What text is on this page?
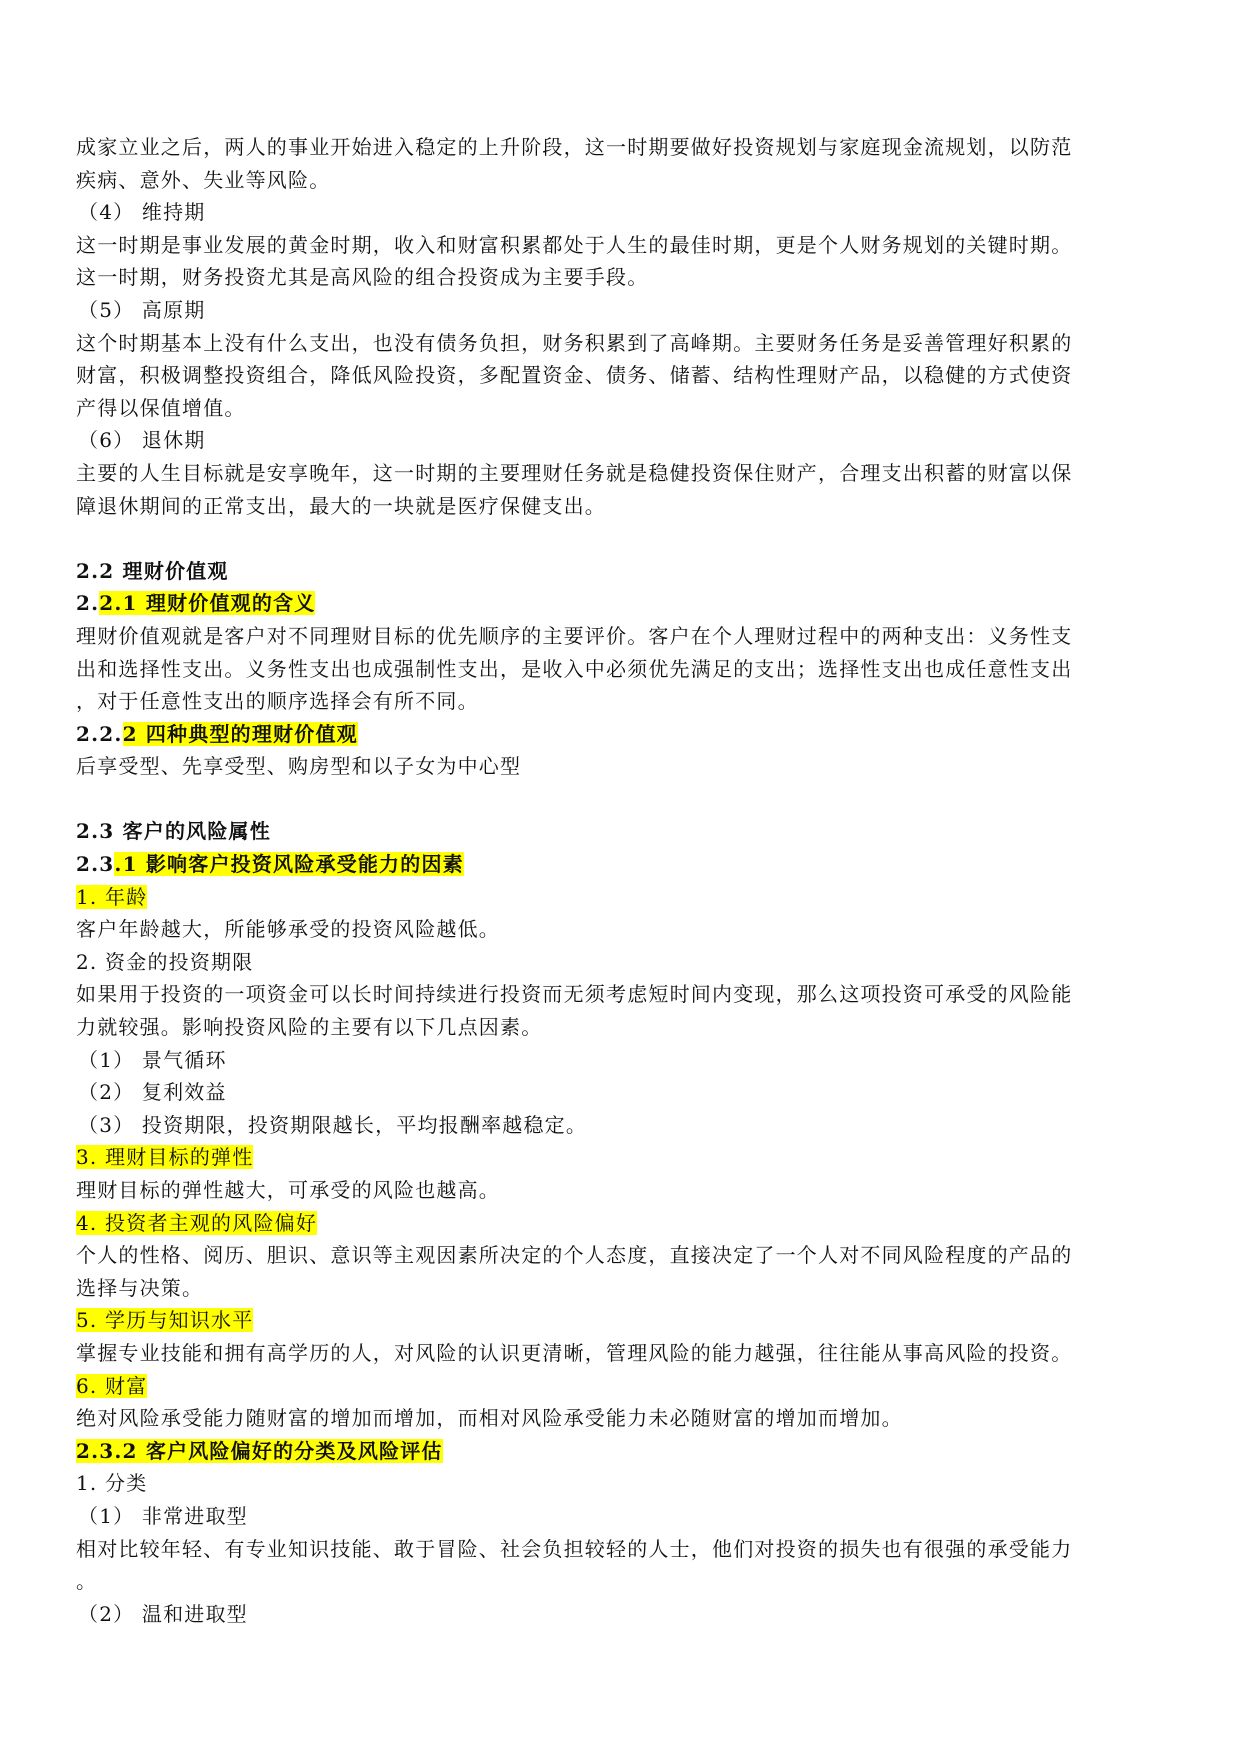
成家立业之后，两人的事业开始进入稳定的上升阶段，这一时期要做好投资规划与家庭现金流规划，以防范
疾病、意外、失业等风险。
（4） 维持期
这一时期是事业发展的黄金时期，收入和财富积累都处于人生的最佳时期，更是个人财务规划的关键时期。
这一时期，财务投资尤其是高风险的组合投资成为主要手段。
（5） 高原期
这个时期基本上没有什么支出，也没有债务负担，财务积累到了高峰期。主要财务任务是妥善管理好积累的
财富，积极调整投资组合，降低风险投资，多配置资金、债务、储蓄、结构性理财产品，以稳健的方式使资
产得以保值增值。
（6） 退休期
主要的人生目标就是安享晚年，这一时期的主要理财任务就是稳健投资保住财产，合理支出积蓄的财富以保
障退休期间的正常支出，最大的一块就是医疗保健支出。
2.2 理财价值观
2.2.1 理财价值观的含义
理财价值观就是客户对不同理财目标的优先顺序的主要评价。客户在个人理财过程中的两种支出：义务性支
出和选择性支出。义务性支出也成强制性支出，是收入中必须优先满足的支出；选择性支出也成任意性支出
，对于任意性支出的顺序选择会有所不同。
2.2.2 四种典型的理财价值观
后享受型、先享受型、购房型和以子女为中心型
2.3 客户的风险属性
2.3.1 影响客户投资风险承受能力的因素
1. 年龄
客户年龄越大，所能够承受的投资风险越低。
2. 资金的投资期限
如果用于投资的一项资金可以长时间持续进行投资而无须考虑短时间内变现，那么这项投资可承受的风险能
力就较强。影响投资风险的主要有以下几点因素。
（1） 景气循环
（2） 复利效益
（3） 投资期限，投资期限越长，平均报酬率越稳定。
3. 理财目标的弹性
理财目标的弹性越大，可承受的风险也越高。
4. 投资者主观的风险偏好
个人的性格、阅历、胆识、意识等主观因素所决定的个人态度，直接决定了一个人对不同风险程度的产品的
选择与决策。
5. 学历与知识水平
掌握专业技能和拥有高学历的人，对风险的认识更清晰，管理风险的能力越强，往往能从事高风险的投资。
6. 财富
绝对风险承受能力随财富的增加而增加，而相对风险承受能力未必随财富的增加而增加。
2.3.2 客户风险偏好的分类及风险评估
1. 分类
（1） 非常进取型
相对比较年轻、有专业知识技能、敢于冒险、社会负担较轻的人士，他们对投资的损失也有很强的承受能力
。
（2） 温和进取型
